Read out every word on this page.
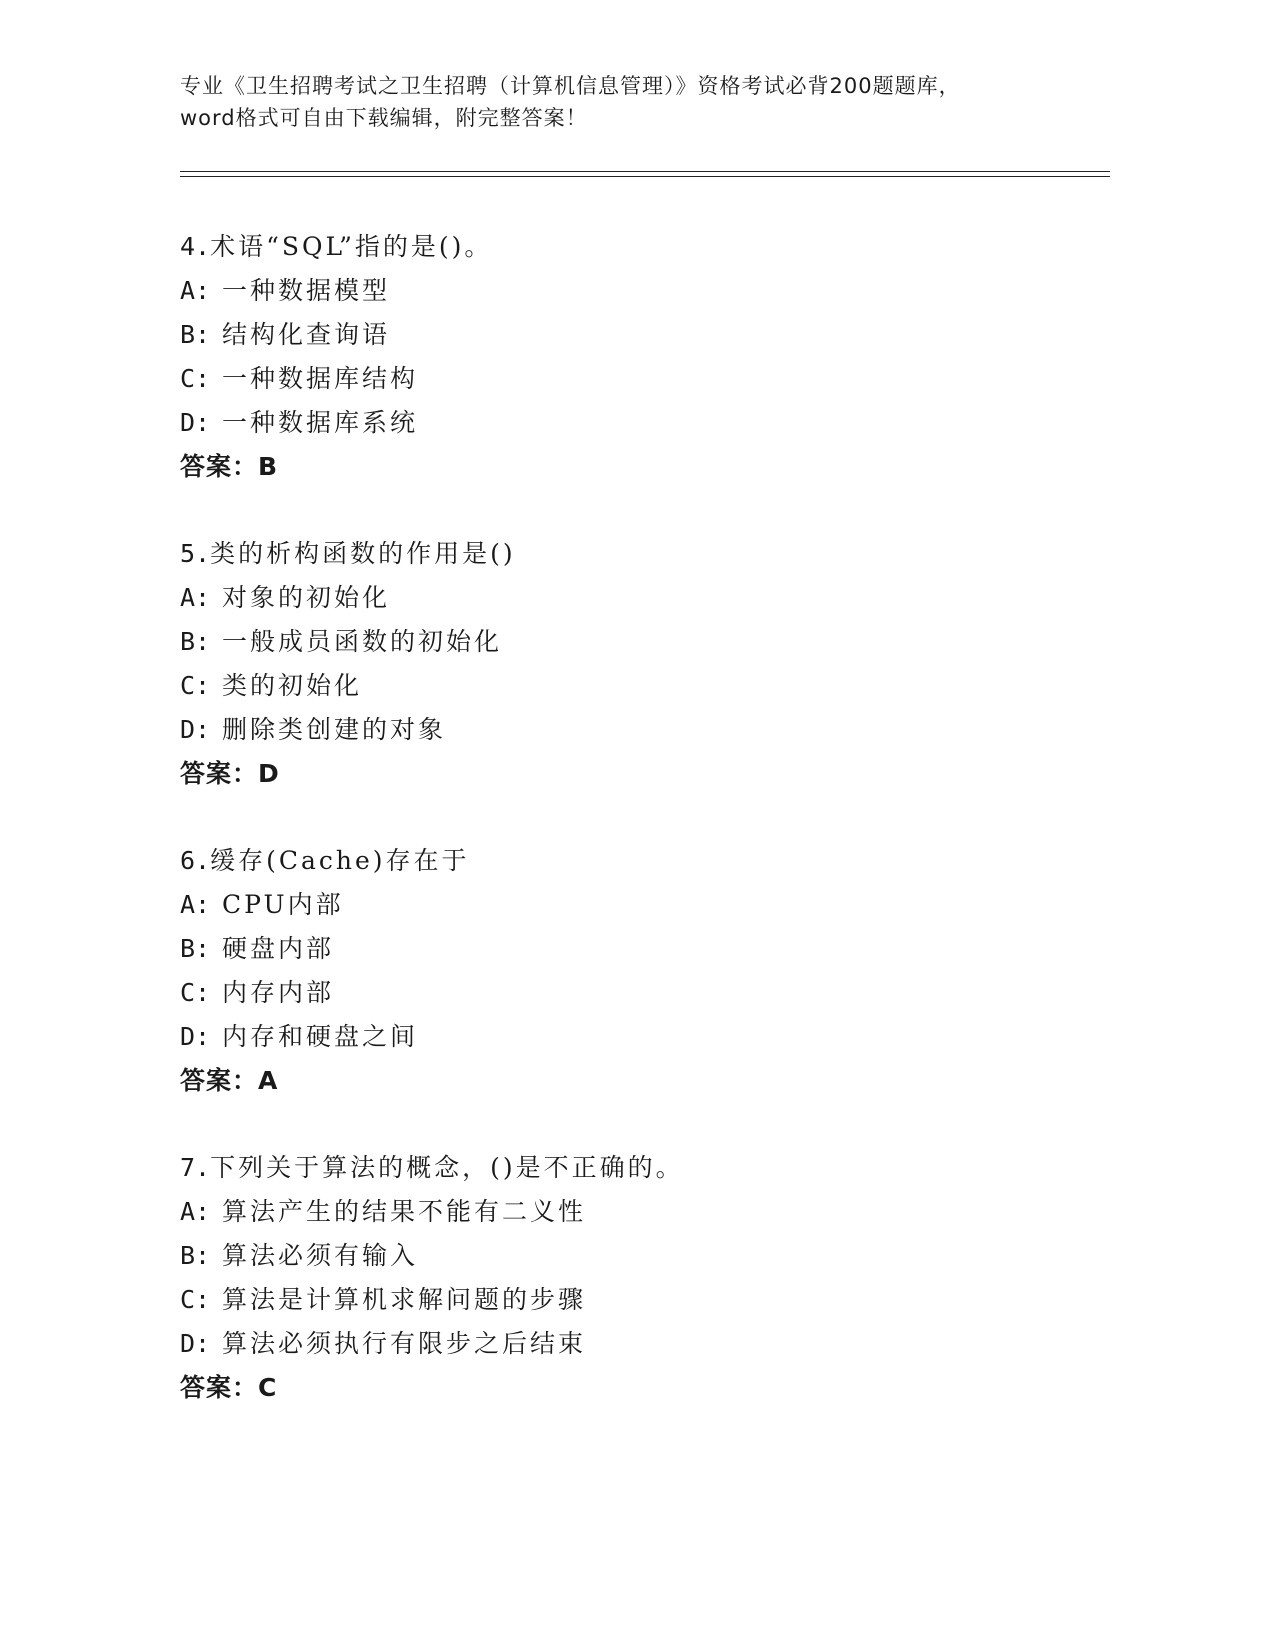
专业《卫生招聘考试之卫生招聘（计算机信息管理）》资格考试必背200题题库，
word格式可自由下载编辑，附完整答案！
4.术语“SQL”指的是()。
A: 一种数据模型
B: 结构化查询语
C: 一种数据库结构
D: 一种数据库系统
答案：B
5.类的析构函数的作用是()
A: 对象的初始化
B: 一般成员函数的初始化
C: 类的初始化
D: 删除类创建的对象
答案：D
6.缓存(Cache)存在于
A: CPU内部
B: 硬盘内部
C: 内存内部
D: 内存和硬盘之间
答案：A
7.下列关于算法的概念，()是不正确的。
A: 算法产生的结果不能有二义性
B: 算法必须有输入
C: 算法是计算机求解问题的步骤
D: 算法必须执行有限步之后结束
答案：C
